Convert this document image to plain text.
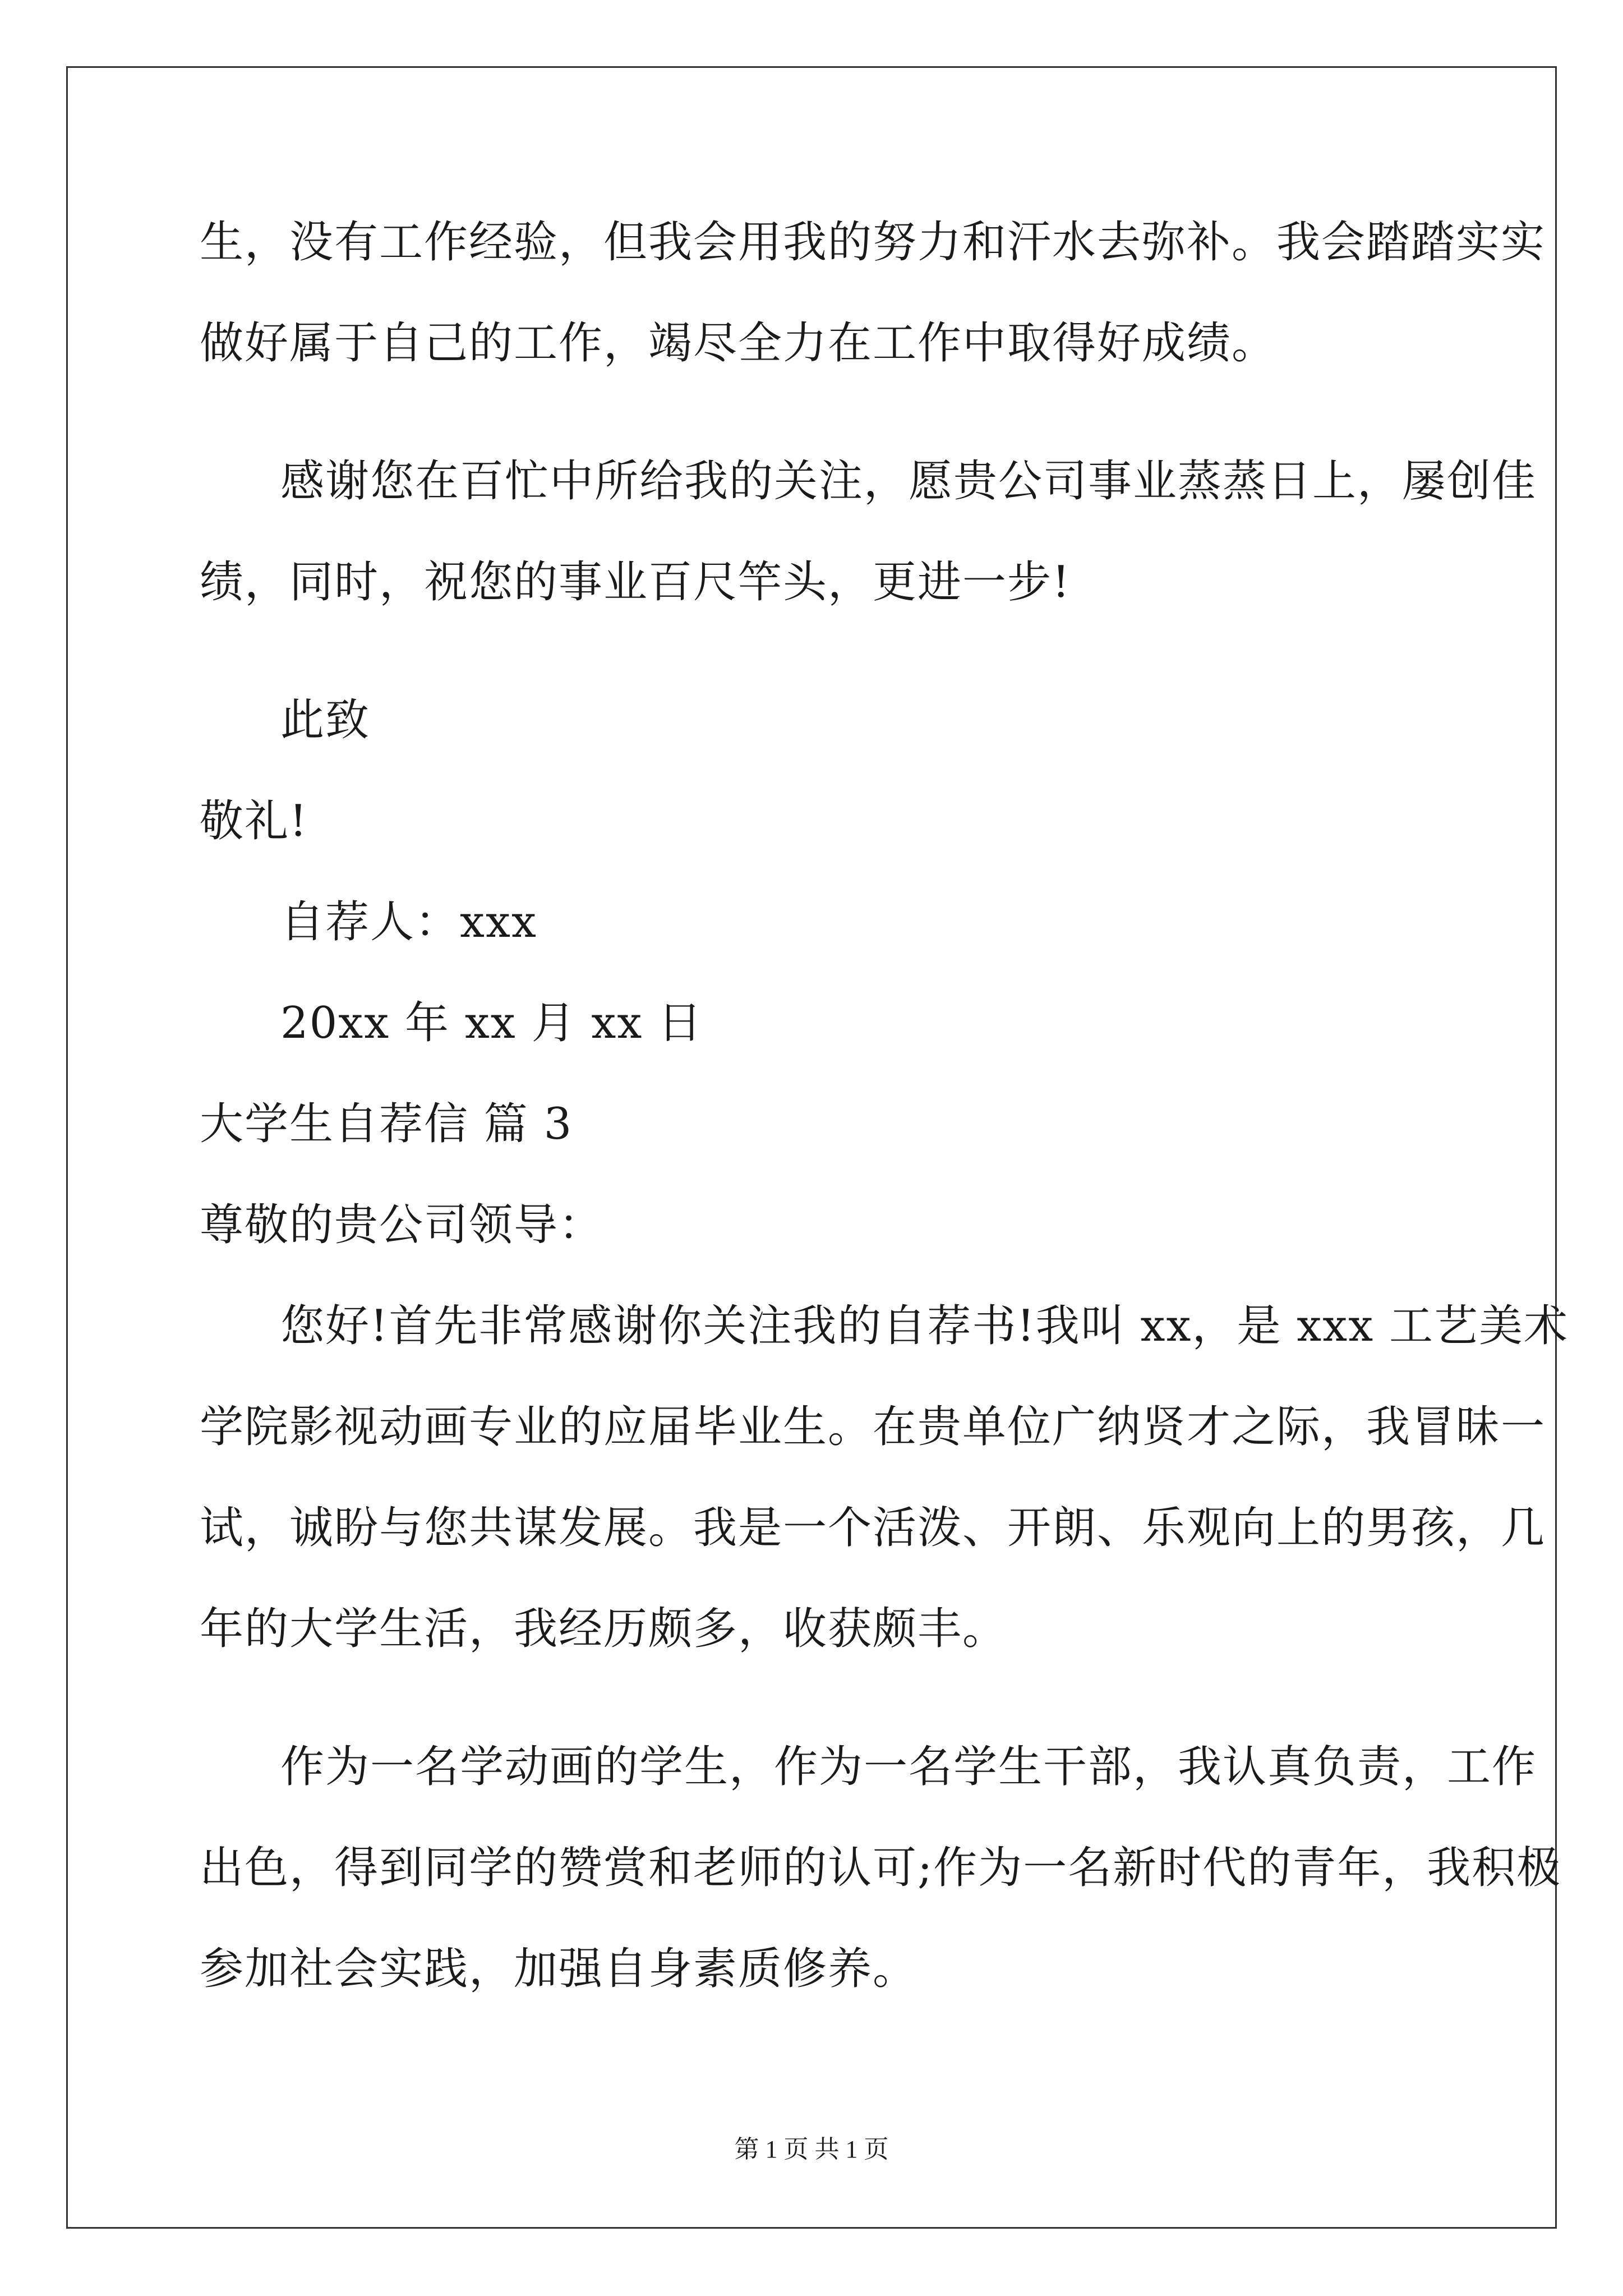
生，没有工作经验，但我会用我的努力和汗水去弥补。我会踏踏实实
做好属于自己的工作，竭尽全力在工作中取得好成绩。
感谢您在百忙中所给我的关注，愿贵公司事业蒸蒸日上，屡创佳
绩，同时，祝您的事业百尺竿头，更进一步!
此致
敬礼!
自荐人：xxx
20xx 年 xx 月 xx 日
大学生自荐信 篇 3
尊敬的贵公司领导：
您好!首先非常感谢你关注我的自荐书!我叫 xx，是 xxx 工艺美术
学院影视动画专业的应届毕业生。在贵单位广纳贤才之际，我冒昧一
试，诚盼与您共谋发展。我是一个活泼、开朗、乐观向上的男孩，几
年的大学生活，我经历颇多，收获颇丰。
作为一名学动画的学生，作为一名学生干部，我认真负责，工作
出色，得到同学的赞赏和老师的认可;作为一名新时代的青年，我积极
参加社会实践，加强自身素质修养。
第 1 页 共 1 页
